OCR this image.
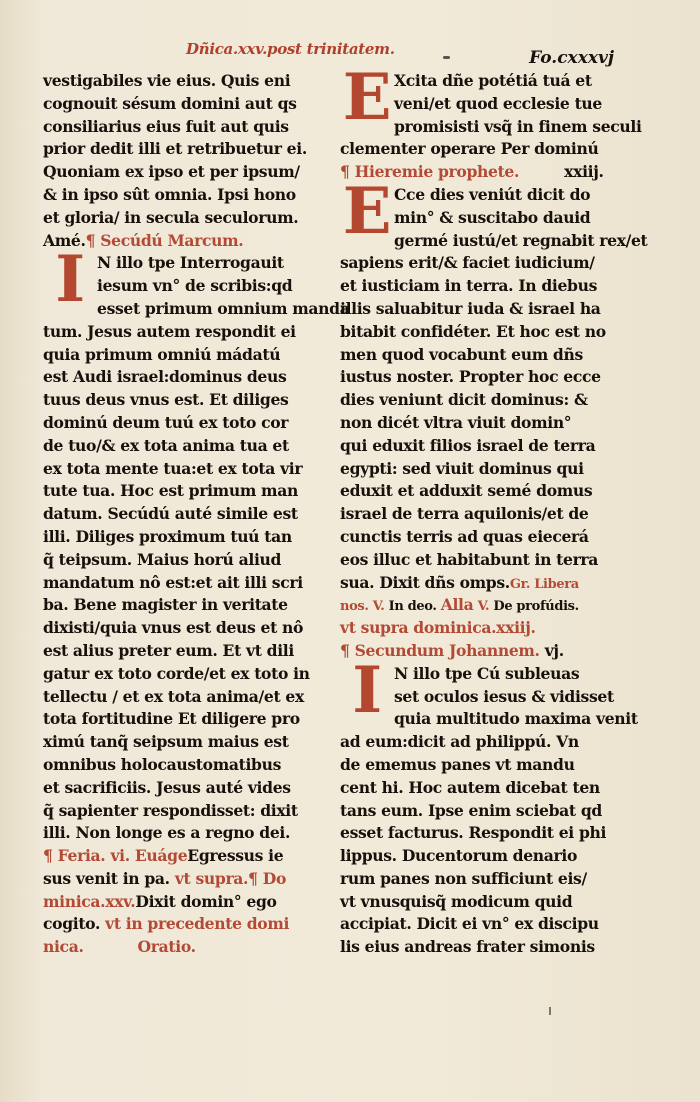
Dñica.xxv.post trinitatem.	Fo.cxxxvj
vestigabiles vie eius. Quis eni
cognouit sésum domini aut qs
consiliarius eius fuit aut quis
prior dedit illi et retribuetur ei.
Quoniam ex ipso et per ipsum/
& in ipso sût omnia. Ipsi hono
et gloria/ in secula seculorum.
Amé.¶ Secúdú Marcum.
I N illo tpe Interrogauit
iesum vn° de scribis:qd
esset primum omnium manda
tum. Jesus autem respondit ei
quia primum omniú mádatú
est Audi israel:dominus deus
tuus deus vnus est. Et diliges
dominú deum tuú ex toto cor
de tuo/& ex tota anima tua et
ex tota mente tua:et ex tota vir
tute tua. Hoc est primum man
datum. Secúdú auté simile est
illi. Diliges proximum tuú tan
q̃ teipsum. Maius horú aliud
mandatum nô est:et ait illi scri
ba. Bene magister in veritate
dixisti/quia vnus est deus et nô
est alius preter eum. Et vt dili
gatur ex toto corde/et ex toto in
tellectu / et ex tota anima/et ex
tota fortitudine Et diligere pro
ximú tanq̃ seipsum maius est
omnibus holocaustomatibus
et sacrificiis. Jesus auté vides
q̃ sapienter respondisset: dixit
illi. Non longe es a regno dei.
¶ Feria. vi. EuágeEgressus ie
sus venit in pa. vt supra.¶ Do
minica.xxv.Dixit domin° ego
cogito. vt in precedente domi
nica.	Oratio.
E Xcita dñe potétiá tuá et
veni/et quod ecclesie tue
promisisti vsq̃ in finem seculi
clementer operare Per dominú
¶ Hieremie prophete.	xxiij.
E Cce dies veniút dicit do
min° & suscitabo dauid
germé iustú/et regnabit rex/et
sapiens erit/& faciet iudicium/
et iusticiam in terra. In diebus
illis saluabitur iuda & israel ha
bitabit confidéter. Et hoc est no
men quod vocabunt eum dñs
iustus noster. Propter hoc ecce
dies veniunt dicit dominus: &
non dicét vltra viuit domin°
qui eduxit filios israel de terra
egypti: sed viuit dominus qui
eduxit et adduxit semé domus
israel de terra aquilonis/et de
cunctis terris ad quas eiecerá
eos illuc et habitabunt in terra
sua. Dixit dñs omps.Gr. Libera
nos. V. In deo. Alla V. De profúdis.
vt supra dominica.xxiij.
¶ Secundum Johannem. vj.
I N illo tpe Cú subleuas
set oculos iesus & vidisset
quia multitudo maxima venit
ad eum:dicit ad philippú. Vn
de ememus panes vt mandu
cent hi. Hoc autem dicebat ten
tans eum. Ipse enim sciebat qd
esset facturus. Respondit ei phi
lippus. Ducentorum denario
rum panes non sufficiunt eis/
vt vnusquisq̃ modicum quid
accipiat. Dicit ei vn° ex discipu
lis eius andreas frater simonis
